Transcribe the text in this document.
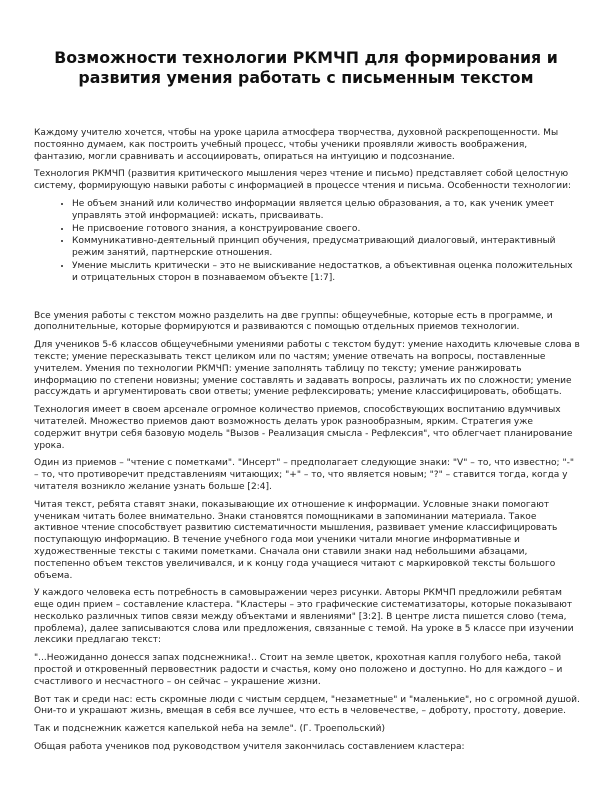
Возможности технологии РКМЧП для формирования и развития умения работать с письменным текстом

Каждому учителю хочется, чтобы на уроке царила атмосфера творчества, духовной раскрепощенности. Мы постоянно думаем, как построить учебный процесс, чтобы ученики проявляли живость воображения, фантазию, могли сравнивать и ассоциировать, опираться на интуицию и подсознание.

Технология РКМЧП (развития критического мышления через чтение и письмо) представляет собой целостную систему, формирующую навыки работы с информацией в процессе чтения и письма. Особенности технологии:

• Не объем знаний или количество информации является целью образования, а то, как ученик умеет управлять этой информацией: искать, присваивать.
• Не присвоение готового знания, а конструирование своего.
• Коммуникативно-деятельный принцип обучения, предусматривающий диалоговый, интерактивный режим занятий, партнерские отношения.
• Умение мыслить критически – это не выискивание недостатков, а объективная оценка положительных и отрицательных сторон в познаваемом объекте [1:7].

Все умения работы с текстом можно разделить на две группы: общеучебные, которые есть в программе, и дополнительные, которые формируются и развиваются с помощью отдельных приемов технологии.

Для учеников 5-6 классов общеучебными умениями работы с текстом будут: умение находить ключевые слова в тексте; умение пересказывать текст целиком или по частям; умение отвечать на вопросы, поставленные учителем. Умения по технологии РКМЧП: умение заполнять таблицу по тексту; умение ранжировать информацию по степени новизны; умение составлять и задавать вопросы, различать их по сложности; умение рассуждать и аргументировать свои ответы; умение рефлексировать; умение классифицировать, обобщать.

Технология имеет в своем арсенале огромное количество приемов, способствующих воспитанию вдумчивых читателей. Множество приемов дают возможность делать урок разнообразным, ярким. Стратегия уже содержит внутри себя базовую модель "Вызов - Реализация смысла - Рефлексия", что облегчает планирование урока.

Один из приемов – "чтение с пометками". "Инсерт" – предполагает следующие знаки: "V" – то, что известно; "-" – то, что противоречит представлениям читающих; "+" – то, что является новым; "?" – ставится тогда, когда у читателя возникло желание узнать больше [2:4].

Читая текст, ребята ставят знаки, показывающие их отношение к информации. Условные знаки помогают ученикам читать более внимательно. Знаки становятся помощниками в запоминании материала. Такое активное чтение способствует развитию систематичности мышления, развивает умение классифицировать поступающую информацию. В течение учебного года мои ученики читали многие информативные и художественные тексты с такими пометками. Сначала они ставили знаки над небольшими абзацами, постепенно объем текстов увеличивался, и к концу года учащиеся читают с маркировкой тексты большого объема.

У каждого человека есть потребность в самовыражении через рисунки. Авторы РКМЧП предложили ребятам еще один прием – составление кластера. "Кластеры – это графические систематизаторы, которые показывают несколько различных типов связи между объектами и явлениями" [3:2]. В центре листа пишется слово (тема, проблема), далее записываются слова или предложения, связанные с темой. На уроке в 5 классе при изучении лексики предлагаю текст:

"...Неожиданно донесся запах подснежника!.. Стоит на земле цветок, крохотная капля голубого неба, такой простой и откровенный первовестник радости и счастья, кому оно положено и доступно. Но для каждого – и счастливого и несчастного – он сейчас – украшение жизни.

Вот так и среди нас: есть скромные люди с чистым сердцем, "незаметные" и "маленькие", но с огромной душой. Они-то и украшают жизнь, вмещая в себя все лучшее, что есть в человечестве, – доброту, простоту, доверие.

Так и подснежник кажется капелькой неба на земле". (Г. Троепольский)

Общая работа учеников под руководством учителя закончилась составлением кластера:
